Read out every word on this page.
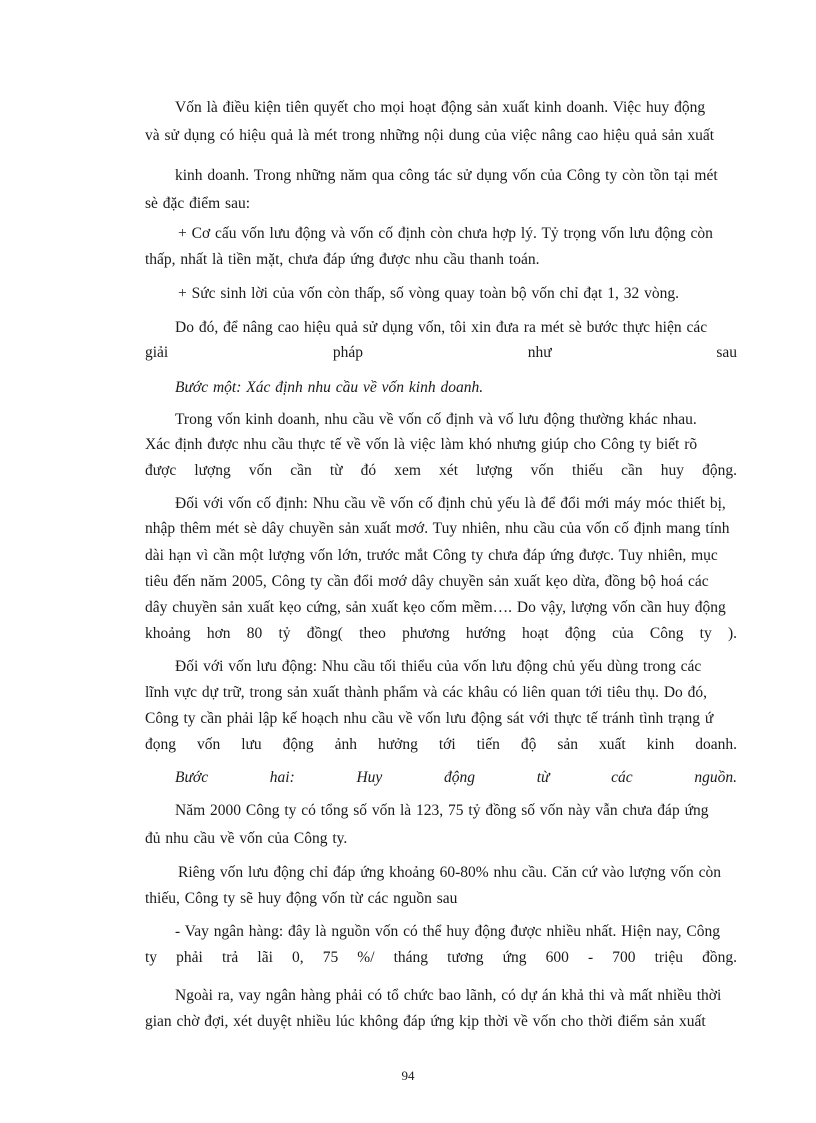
Vốn là điều kiện tiên quyết cho mọi hoạt động sản xuất kinh doanh. Việc huy động
và sử dụng có hiệu quả là mét trong những nội dung của việc nâng cao hiệu quả sản xuất
kinh doanh. Trong những năm qua công tác sử dụng vốn của Công ty còn tồn tại mét
sè đặc điểm sau:
+ Cơ cấu vốn lưu động và vốn cố định còn chưa hợp lý. Tỷ trọng vốn lưu động còn
thấp, nhất là tiền mặt, chưa đáp ứng được nhu cầu thanh toán.
+ Sức sinh lời của vốn còn thấp, số vòng quay toàn bộ vốn chỉ đạt 1, 32 vòng.
Do đó, để nâng cao hiệu quả sử dụng vốn, tôi xin đưa ra mét sè bước thực hiện các
giải pháp như sau
Bước một: Xác định nhu cầu về vốn kinh doanh.
Trong vốn kinh doanh, nhu cầu về vốn cố định và vố lưu động thường khác nhau.
Xác định được nhu cầu thực tế về vốn là việc làm khó nhưng giúp cho Công ty biết rõ
được lượng vốn cần từ đó xem xét lượng vốn thiếu cần huy động.
Đối với vốn cố định: Nhu cầu về vốn cố định chủ yếu là để đổi mới máy móc thiết bị,
nhập thêm mét sè dây chuyền sản xuất mơớ. Tuy nhiên, nhu cầu của vốn cố định mang tính
dài hạn vì cần một lượng vốn lớn, trước mắt Công ty chưa đáp ứng được. Tuy nhiên, mục
tiêu đến năm 2005, Công ty cần đổi mơớ dây chuyền sản xuất kẹo dừa, đồng bộ hoá các
dây chuyền sản xuất kẹo cứng, sản xuất kẹo cốm mềm…. Do vậy, lượng vốn cần huy động
khoảng hơn 80 tỷ đồng( theo phương hướng hoạt động của Công ty ).
Đối với vốn lưu động: Nhu cầu tối thiểu của vốn lưu động chủ yếu dùng trong các
lĩnh vực dự trữ, trong sản xuất thành phẩm và các khâu có liên quan tới tiêu thụ. Do đó,
Công ty cần phải lập kế hoạch nhu cầu về vốn lưu động sát với thực tế tránh tình trạng ứ
đọng vốn lưu động ảnh hưởng tới tiến độ sản xuất kinh doanh.
Bước hai: Huy động từ các nguồn.
Năm 2000 Công ty có tổng số vốn là 123, 75 tỷ đồng số vốn này vẫn chưa đáp ứng
đủ nhu cầu về vốn của Công ty.
Riêng vốn lưu động chỉ đáp ứng khoảng 60-80% nhu cầu. Căn cứ vào lượng vốn còn
thiếu, Công ty sẽ huy động vốn từ các nguồn sau
- Vay ngân hàng: đây là nguồn vốn có thể huy động được nhiều nhất. Hiện nay, Công
ty phải trả lãi 0, 75 %/ tháng tương ứng 600 - 700 triệu đồng.
Ngoài ra, vay ngân hàng phải có tổ chức bao lãnh, có dự án khả thi và mất nhiều thời
gian chờ đợi, xét duyệt nhiều lúc không đáp ứng kịp thời về vốn cho thời điểm sản xuất
94
